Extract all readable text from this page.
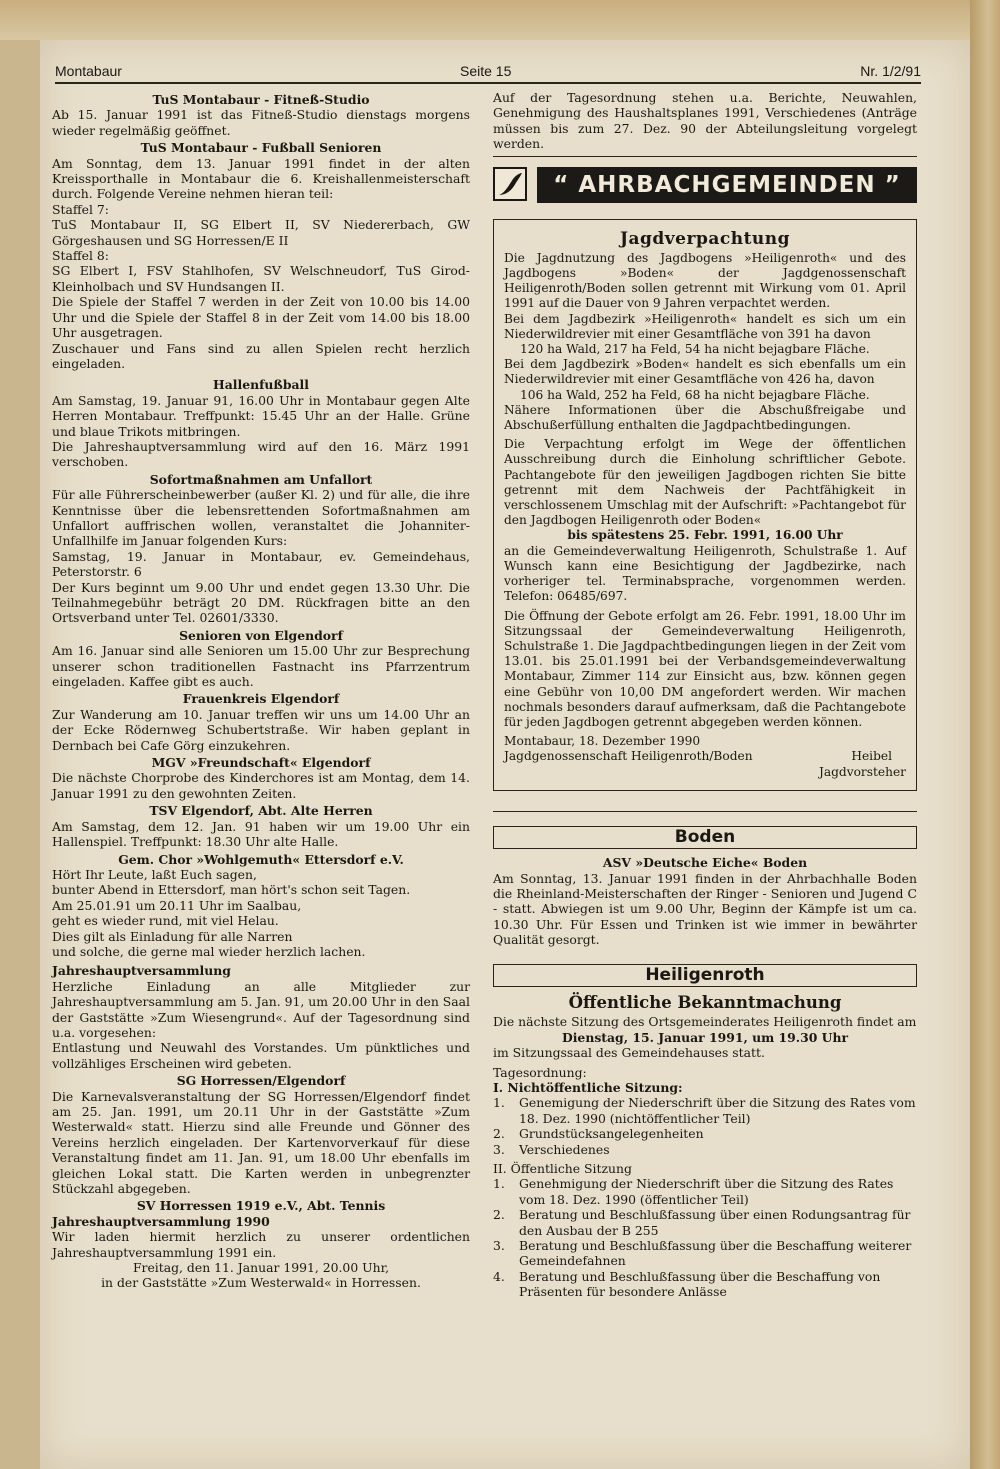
Montabaur	Seite 15	Nr. 1/2/91
TuS Montabaur - Fitneß-Studio
Ab 15. Januar 1991 ist das Fitneß-Studio dienstags morgens wieder regelmäßig geöffnet.
TuS Montabaur - Fußball Senioren
Am Sonntag, dem 13. Januar 1991 findet in der alten Kreissporthalle in Montabaur die 6. Kreishallenmeisterschaft durch. Folgende Vereine nehmen hieran teil:
Staffel 7:
TuS Montabaur II, SG Elbert II, SV Niedererbach, GW Görgeshausen und SG Horressen/E II
Staffel 8:
SG Elbert I, FSV Stahlhofen, SV Welschneudorf, TuS Girod-Kleinholbach und SV Hundsangen II.
Die Spiele der Staffel 7 werden in der Zeit von 10.00 bis 14.00 Uhr und die Spiele der Staffel 8 in der Zeit vom 14.00 bis 18.00 Uhr ausgetragen.
Zuschauer und Fans sind zu allen Spielen recht herzlich eingeladen.
Hallenfußball
Am Samstag, 19. Januar 91, 16.00 Uhr in Montabaur gegen Alte Herren Montabaur. Treffpunkt: 15.45 Uhr an der Halle. Grüne und blaue Trikots mitbringen.
Die Jahreshauptversammlung wird auf den 16. März 1991 verschoben.
Sofortmaßnahmen am Unfallort
Für alle Führerscheinbewerber (außer Kl. 2) und für alle, die ihre Kenntnisse über die lebensrettenden Sofortmaßnahmen am Unfallort auffrischen wollen, veranstaltet die Johanniter-Unfallhilfe im Januar folgenden Kurs:
Samstag, 19. Januar in Montabaur, ev. Gemeindehaus, Peterstorstr. 6
Der Kurs beginnt um 9.00 Uhr und endet gegen 13.30 Uhr. Die Teilnahmegebühr beträgt 20 DM. Rückfragen bitte an den Ortsverband unter Tel. 02601/3330.
Senioren von Elgendorf
Am 16. Januar sind alle Senioren um 15.00 Uhr zur Besprechung unserer schon traditionellen Fastnacht ins Pfarrzentrum eingeladen. Kaffee gibt es auch.
Frauenkreis Elgendorf
Zur Wanderung am 10. Januar treffen wir uns um 14.00 Uhr an der Ecke Rödernweg Schubertstraße. Wir haben geplant in Dernbach bei Cafe Görg einzukehren.
MGV »Freundschaft« Elgendorf
Die nächste Chorprobe des Kinderchores ist am Montag, dem 14. Januar 1991 zu den gewohnten Zeiten.
TSV Elgendorf, Abt. Alte Herren
Am Samstag, dem 12. Jan. 91 haben wir um 19.00 Uhr ein Hallenspiel. Treffpunkt: 18.30 Uhr alte Halle.
Gem. Chor »Wohlgemuth« Ettersdorf e.V.
Hört Ihr Leute, laßt Euch sagen,
bunter Abend in Ettersdorf, man hört's schon seit Tagen.
Am 25.01.91 um 20.11 Uhr im Saalbau,
geht es wieder rund, mit viel Helau.
Dies gilt als Einladung für alle Narren
und solche, die gerne mal wieder herzlich lachen.
Jahreshauptversammlung
Herzliche Einladung an alle Mitglieder zur Jahreshauptversammlung am 5. Jan. 91, um 20.00 Uhr in den Saal der Gaststätte »Zum Wiesengrund«. Auf der Tagesordnung sind u.a. vorgesehen:
Entlastung und Neuwahl des Vorstandes. Um pünktliches und vollzähliges Erscheinen wird gebeten.
SG Horressen/Elgendorf
Die Karnevalsveranstaltung der SG Horressen/Elgendorf findet am 25. Jan. 1991, um 20.11 Uhr in der Gaststätte »Zum Westerwald« statt. Hierzu sind alle Freunde und Gönner des Vereins herzlich eingeladen. Der Kartenvorverkauf für diese Veranstaltung findet am 11. Jan. 91, um 18.00 Uhr ebenfalls im gleichen Lokal statt. Die Karten werden in unbegrenzter Stückzahl abgegeben.
SV Horressen 1919 e.V., Abt. Tennis
Jahreshauptversammlung 1990
Wir laden hiermit herzlich zu unserer ordentlichen Jahreshauptversammlung 1991 ein.
Freitag, den 11. Januar 1991, 20.00 Uhr,
in der Gaststätte »Zum Westerwald« in Horressen.
Auf der Tagesordnung stehen u.a. Berichte, Neuwahlen, Genehmigung des Haushaltsplanes 1991, Verschiedenes (Anträge müssen bis zum 27. Dez. 90 der Abteilungsleitung vorgelegt werden.
“ AHRBACHGEMEINDEN ”
Jagdverpachtung
Die Jagdnutzung des Jagdbogens »Heiligenroth« und des Jagdbogens »Boden« der Jagdgenossenschaft Heiligenroth/Boden sollen getrennt mit Wirkung vom 01. April 1991 auf die Dauer von 9 Jahren verpachtet werden.
Bei dem Jagdbezirk »Heiligenroth« handelt es sich um ein Niederwildrevier mit einer Gesamtfläche von 391 ha davon
120 ha Wald, 217 ha Feld, 54 ha nicht bejagbare Fläche.
Bei dem Jagdbezirk »Boden« handelt es sich ebenfalls um ein Niederwildrevier mit einer Gesamtfläche von 426 ha, davon
106 ha Wald, 252 ha Feld, 68 ha nicht bejagbare Fläche.
Nähere Informationen über die Abschußfreigabe und Abschußerfüllung enthalten die Jagdpachtbedingungen.
Die Verpachtung erfolgt im Wege der öffentlichen Ausschreibung durch die Einholung schriftlicher Gebote. Pachtangebote für den jeweiligen Jagdbogen richten Sie bitte getrennt mit dem Nachweis der Pachtfähigkeit in verschlossenem Umschlag mit der Aufschrift: »Pachtangebot für den Jagdbogen Heiligenroth oder Boden«
bis spätestens 25. Febr. 1991, 16.00 Uhr
an die Gemeindeverwaltung Heiligenroth, Schulstraße 1. Auf Wunsch kann eine Besichtigung der Jagdbezirke, nach vorheriger tel. Terminabsprache, vorgenommen werden. Telefon: 06485/697.
Die Öffnung der Gebote erfolgt am 26. Febr. 1991, 18.00 Uhr im Sitzungssaal der Gemeindeverwaltung Heiligenroth, Schulstraße 1. Die Jagdpachtbedingungen liegen in der Zeit vom 13.01. bis 25.01.1991 bei der Verbandsgemeindeverwaltung Montabaur, Zimmer 114 zur Einsicht aus, bzw. können gegen eine Gebühr von 10,00 DM angefordert werden. Wir machen nochmals besonders darauf aufmerksam, daß die Pachtangebote für jeden Jagdbogen getrennt abgegeben werden können.
Montabaur, 18. Dezember 1990
Jagdgenossenschaft Heiligenroth/Boden	Heibel
Jagdvorsteher
Boden
ASV »Deutsche Eiche« Boden
Am Sonntag, 13. Januar 1991 finden in der Ahrbachhalle Boden die Rheinland-Meisterschaften der Ringer - Senioren und Jugend C - statt. Abwiegen ist um 9.00 Uhr, Beginn der Kämpfe ist um ca. 10.30 Uhr. Für Essen und Trinken ist wie immer in bewährter Qualität gesorgt.
Heiligenroth
Öffentliche Bekanntmachung
Die nächste Sitzung des Ortsgemeinderates Heiligenroth findet am
Dienstag, 15. Januar 1991, um 19.30 Uhr
im Sitzungssaal des Gemeindehauses statt.
Tagesordnung:
I. Nichtöffentliche Sitzung:
1.	Genemigung der Niederschrift über die Sitzung des Rates vom 18. Dez. 1990 (nichtöffentlicher Teil)
2.	Grundstücksangelegenheiten
3.	Verschiedenes
II. Öffentliche Sitzung
1.	Genehmigung der Niederschrift über die Sitzung des Rates vom 18. Dez. 1990 (öffentlicher Teil)
2.	Beratung und Beschlußfassung über einen Rodungsantrag für den Ausbau der B 255
3.	Beratung und Beschlußfassung über die Beschaffung weiterer Gemeindefahnen
4.	Beratung und Beschlußfassung über die Beschaffung von Präsenten für besondere Anlässe
